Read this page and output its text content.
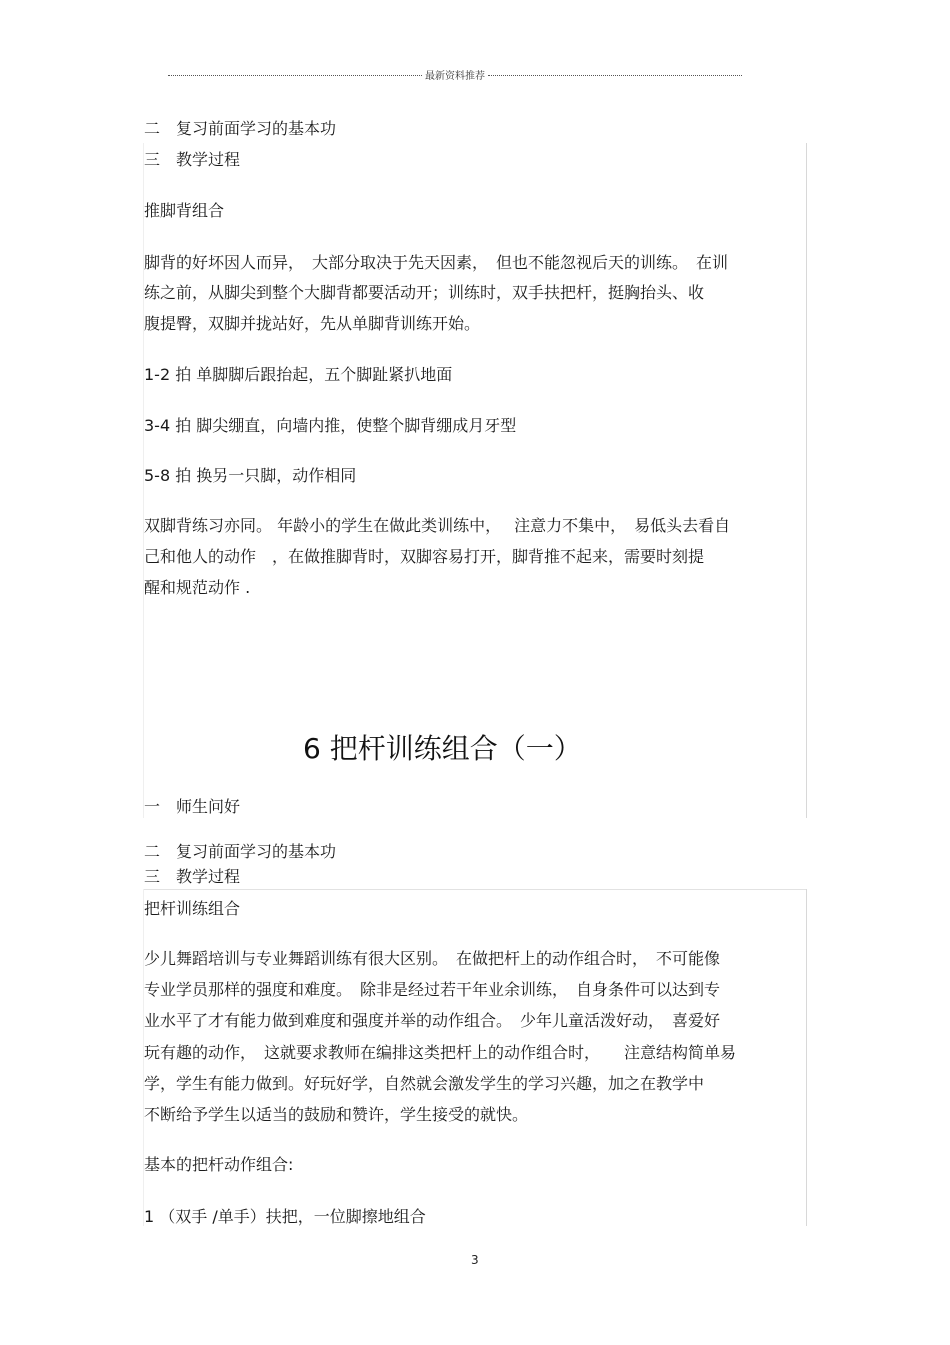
最新资料推荐
二　复习前面学习的基本功
三　教学过程
推脚背组合
脚背的好坏因人而异，　大部分取决于先天因素，　但也不能忽视后天的训练。　在训
练之前，从脚尖到整个大脚背都要活动开；训练时，双手扶把杆，挺胸抬头、收
腹提臀，双脚并拢站好，先从单脚背训练开始。
1-2 拍 单脚脚后跟抬起，五个脚趾紧扒地面
3-4 拍 脚尖绷直，向墙内推，使整个脚背绷成月牙型
5-8 拍 换另一只脚，动作相同
双脚背练习亦同。 年龄小的学生在做此类训练中，　 注意力不集中，　易低头去看自
己和他人的动作　，在做推脚背时，双脚容易打开，脚背推不起来，需要时刻提
醒和规范动作 .
6 把杆训练组合（一）
一　师生问好
二　复习前面学习的基本功
三　教学过程
把杆训练组合
少儿舞蹈培训与专业舞蹈训练有很大区别。　在做把杆上的动作组合时，　不可能像
专业学员那样的强度和难度。　除非是经过若干年业余训练，　自身条件可以达到专
业水平了才有能力做到难度和强度并举的动作组合。　少年儿童活泼好动，　喜爱好
玩有趣的动作，　这就要求教师在编排这类把杆上的动作组合时，　　注意结构简单易
学，学生有能力做到。好玩好学，自然就会激发学生的学习兴趣，加之在教学中
不断给予学生以适当的鼓励和赞许，学生接受的就快。
基本的把杆动作组合:
1 （双手 /单手）扶把，一位脚擦地组合
3
